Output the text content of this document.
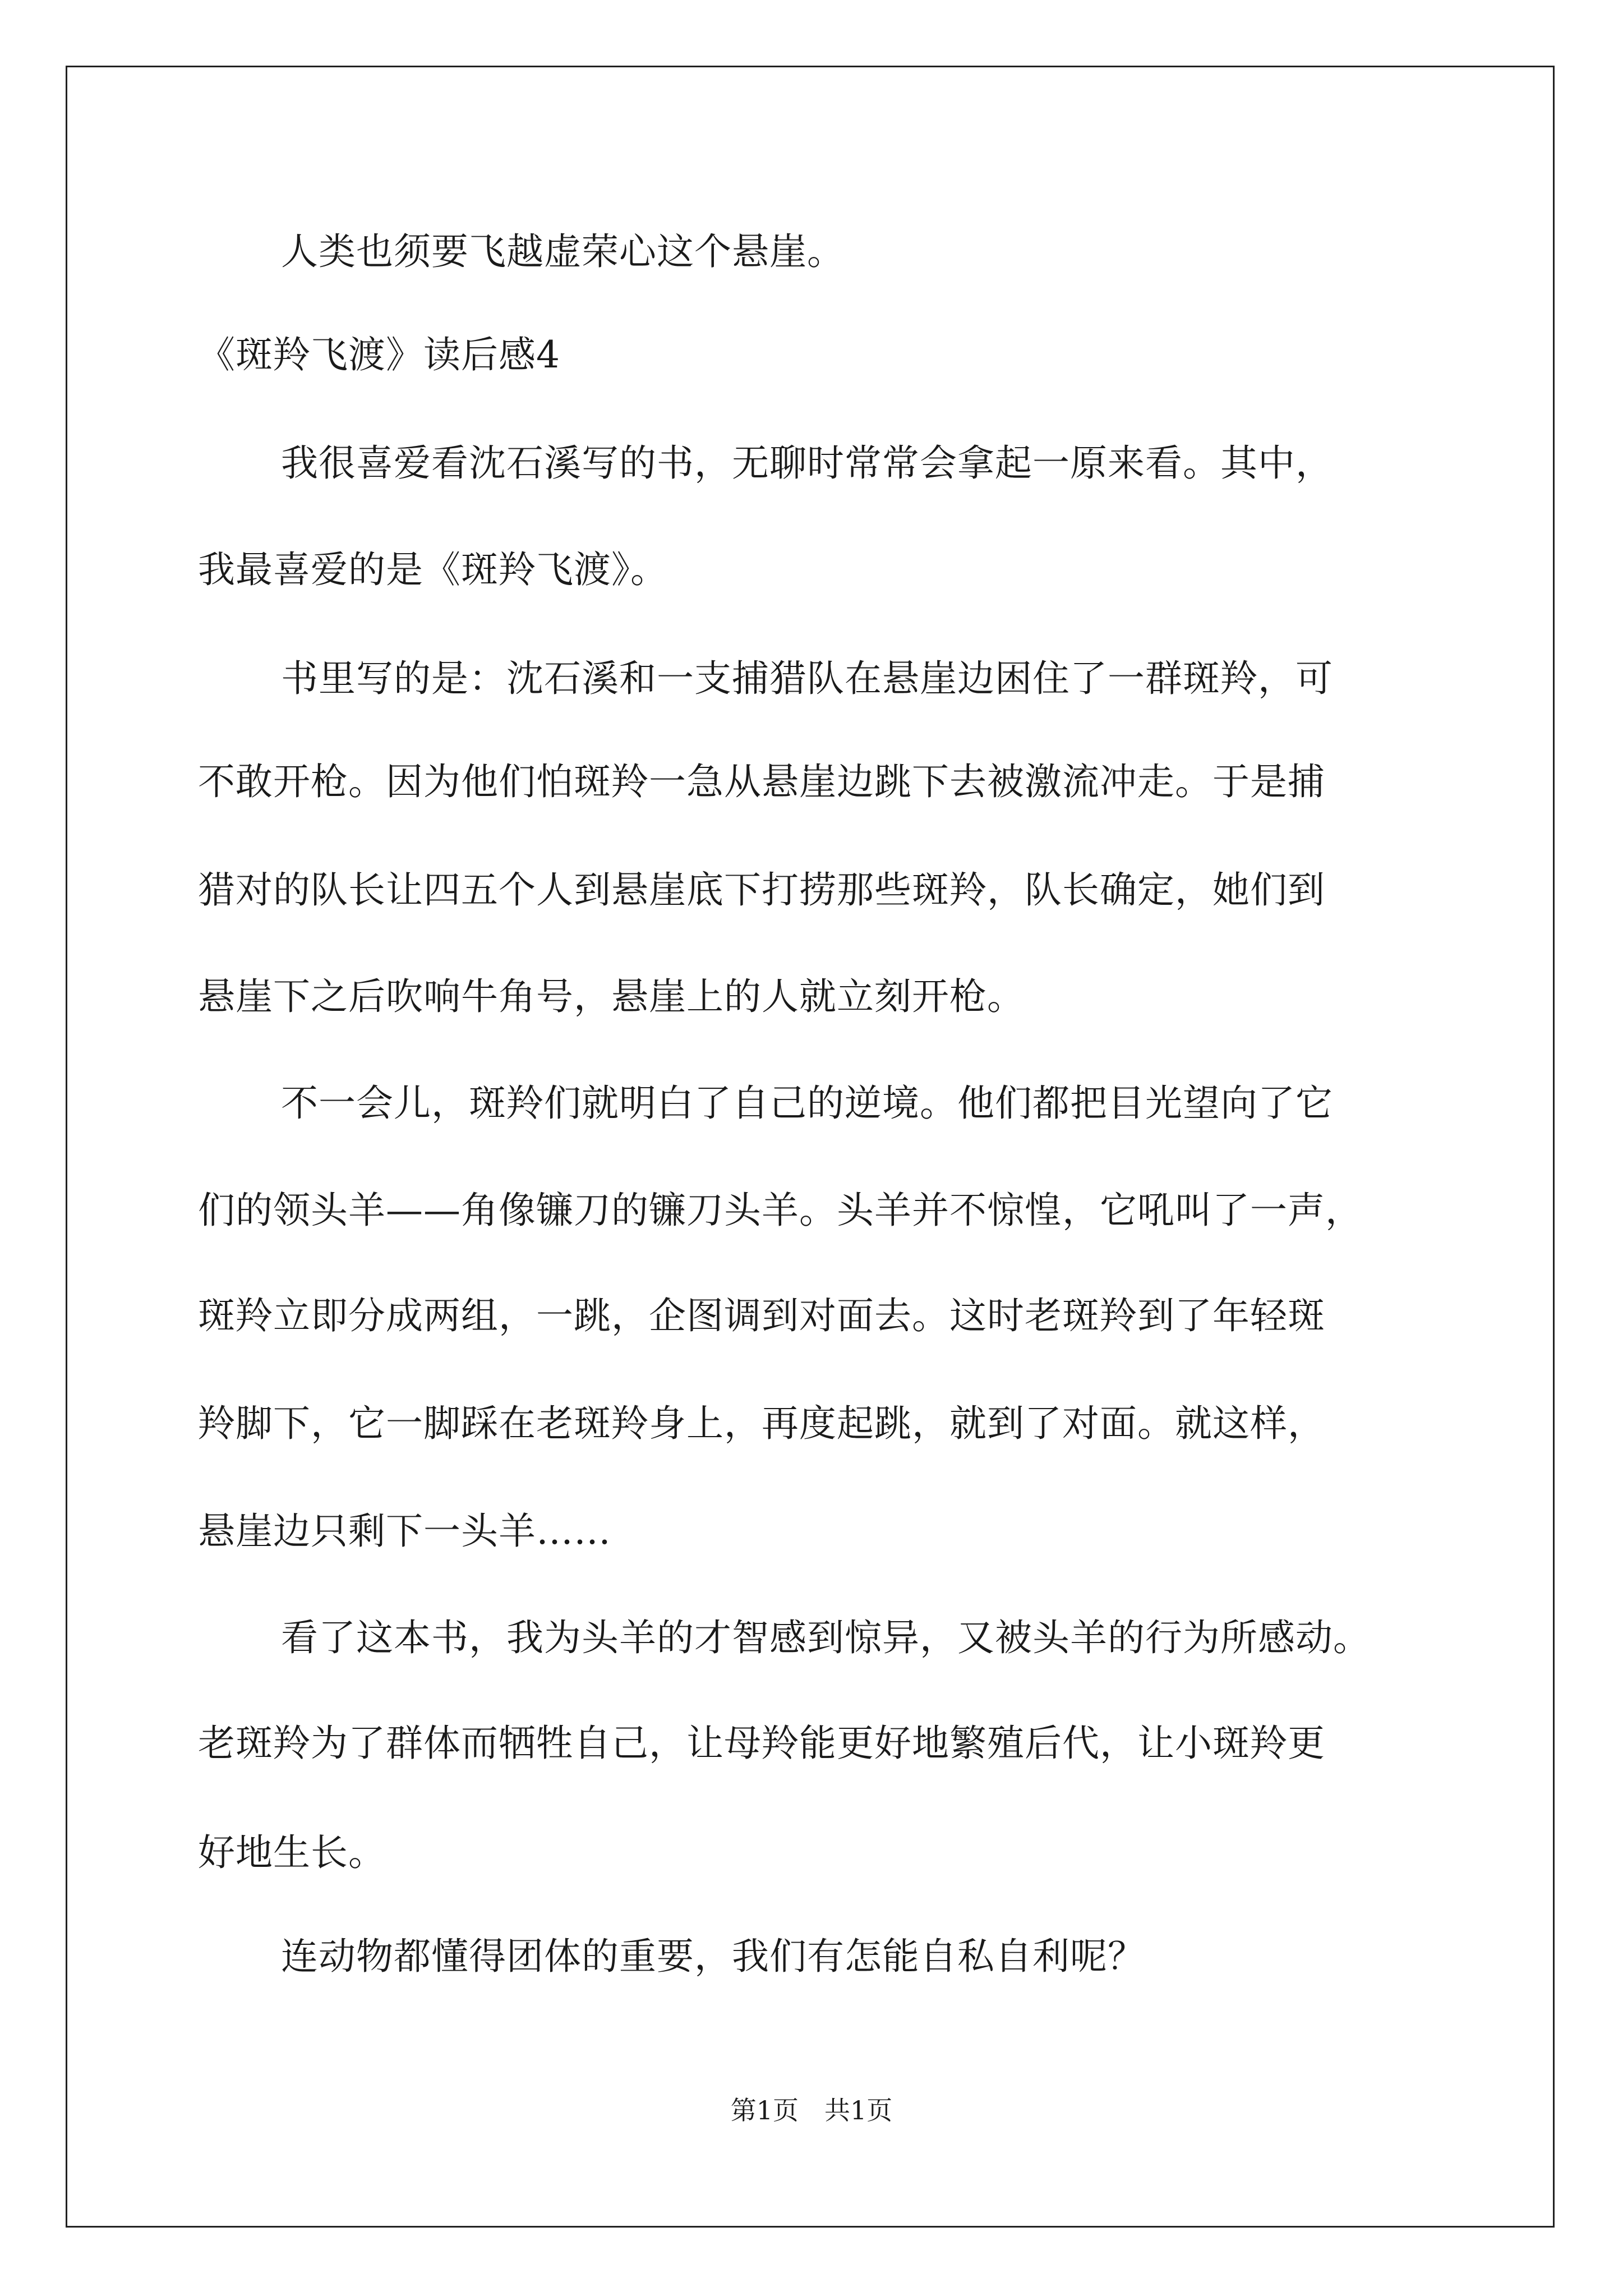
人类也须要飞越虚荣心这个悬崖。
《斑羚飞渡》读后感4
我很喜爱看沈石溪写的书，无聊时常常会拿起一原来看。其中，
我最喜爱的是《斑羚飞渡》。
书里写的是：沈石溪和一支捕猎队在悬崖边困住了一群斑羚，可
不敢开枪。因为他们怕斑羚一急从悬崖边跳下去被激流冲走。于是捕
猎对的队长让四五个人到悬崖底下打捞那些斑羚，队长确定，她们到
悬崖下之后吹响牛角号，悬崖上的人就立刻开枪。
不一会儿，斑羚们就明白了自己的逆境。他们都把目光望向了它
们的领头羊——角像镰刀的镰刀头羊。头羊并不惊惶，它吼叫了一声，
斑羚立即分成两组，一跳，企图调到对面去。这时老斑羚到了年轻斑
羚脚下，它一脚踩在老斑羚身上，再度起跳，就到了对面。就这样，
悬崖边只剩下一头羊……
看了这本书，我为头羊的才智感到惊异，又被头羊的行为所感动。
老斑羚为了群体而牺牲自己，让母羚能更好地繁殖后代，让小斑羚更
好地生长。
连动物都懂得团体的重要，我们有怎能自私自利呢？
第1页　共1页
